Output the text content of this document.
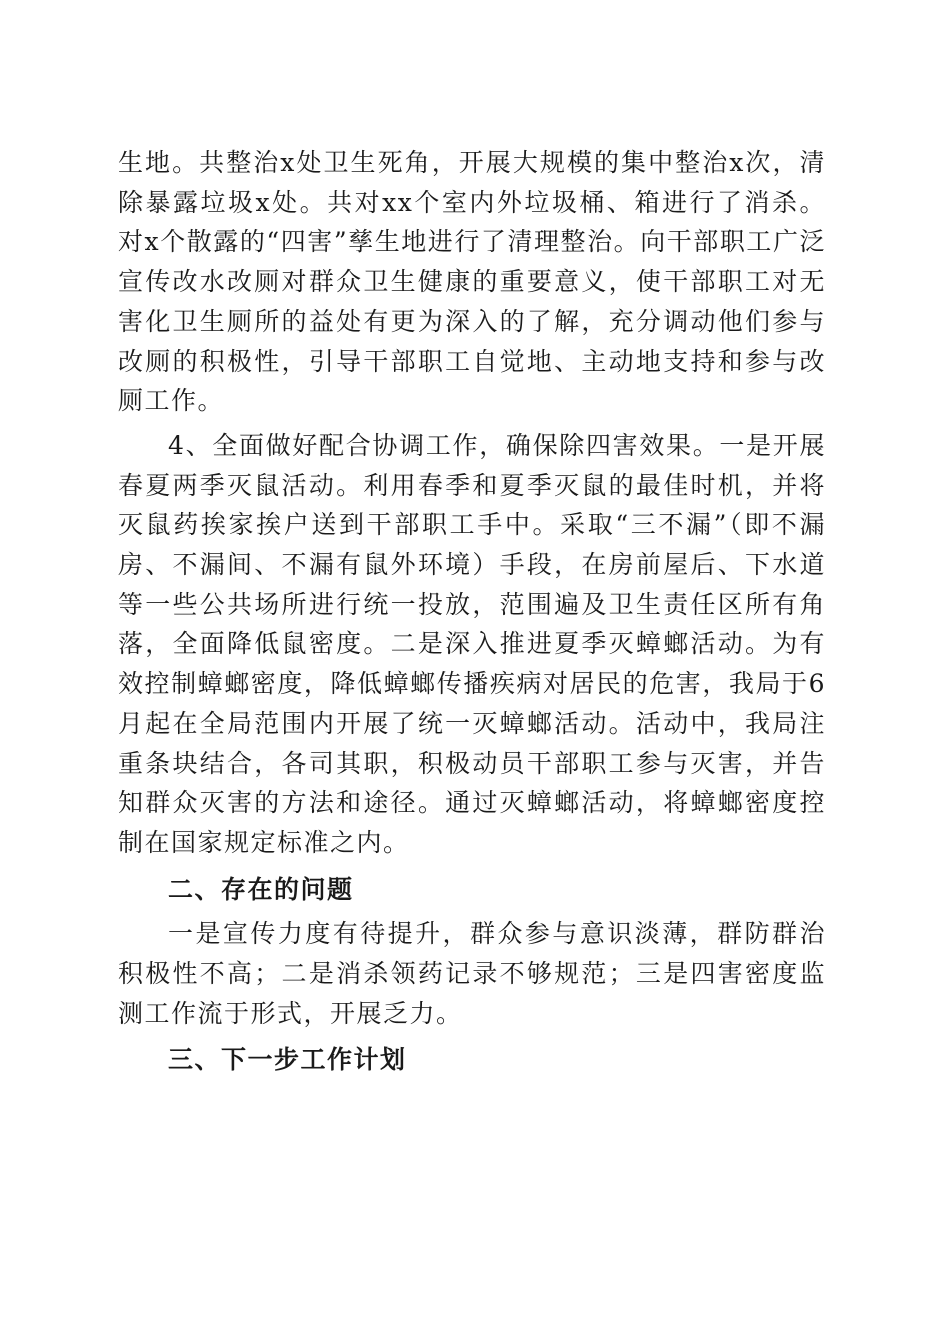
生地。共整治x处卫生死角，开展大规模的集中整治x次，清除暴露垃圾x处。共对xx个室内外垃圾桶、箱进行了消杀。对x个散露的“四害”孳生地进行了清理整治。向干部职工广泛宣传改水改厕对群众卫生健康的重要意义，使干部职工对无害化卫生厕所的益处有更为深入的了解，充分调动他们参与改厕的积极性，引导干部职工自觉地、主动地支持和参与改厕工作。

4、全面做好配合协调工作，确保除四害效果。一是开展春夏两季灭鼠活动。利用春季和夏季灭鼠的最佳时机，并将灭鼠药挨家挨户送到干部职工手中。采取“三不漏”（即不漏房、不漏间、不漏有鼠外环境）手段，在房前屋后、下水道等一些公共场所进行统一投放，范围遍及卫生责任区所有角落，全面降低鼠密度。二是深入推进夏季灭蟑螂活动。为有效控制蟑螂密度，降低蟑螂传播疾病对居民的危害，我局于6月起在全局范围内开展了统一灭蟑螂活动。活动中，我局注重条块结合，各司其职，积极动员干部职工参与灭害，并告知群众灭害的方法和途径。通过灭蟑螂活动，将蟑螂密度控制在国家规定标准之内。

二、存在的问题

一是宣传力度有待提升，群众参与意识淡薄，群防群治积极性不高；二是消杀领药记录不够规范；三是四害密度监测工作流于形式，开展乏力。

三、下一步工作计划
